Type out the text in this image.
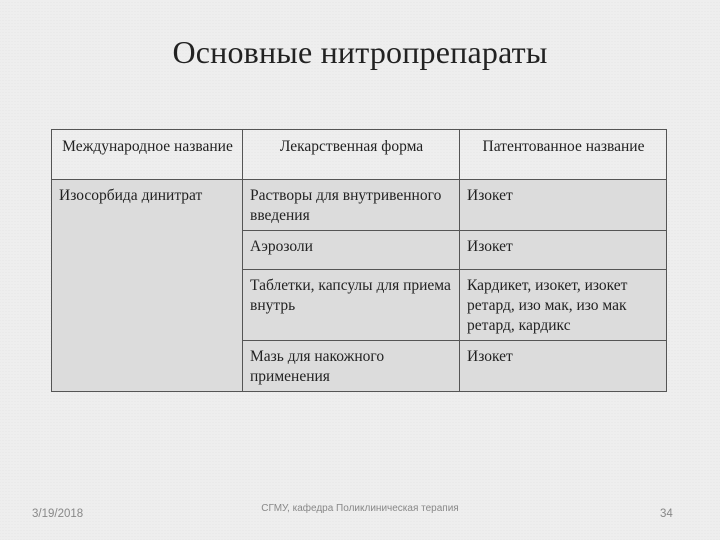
Основные нитропрепараты
Международное название	Лекарственная форма	Патентованное название
Изосорбида динитрат	Растворы для внутривенного введения	Изокет
	Аэрозоли	Изокет
	Таблетки, капсулы для приема внутрь	Кардикет, изокет, изокет ретард, изо мак, изо мак ретард, кардикс
	Мазь для накожного применения	Изокет
3/19/2018	СГМУ, кафедра Поликлиническая терапия	34
